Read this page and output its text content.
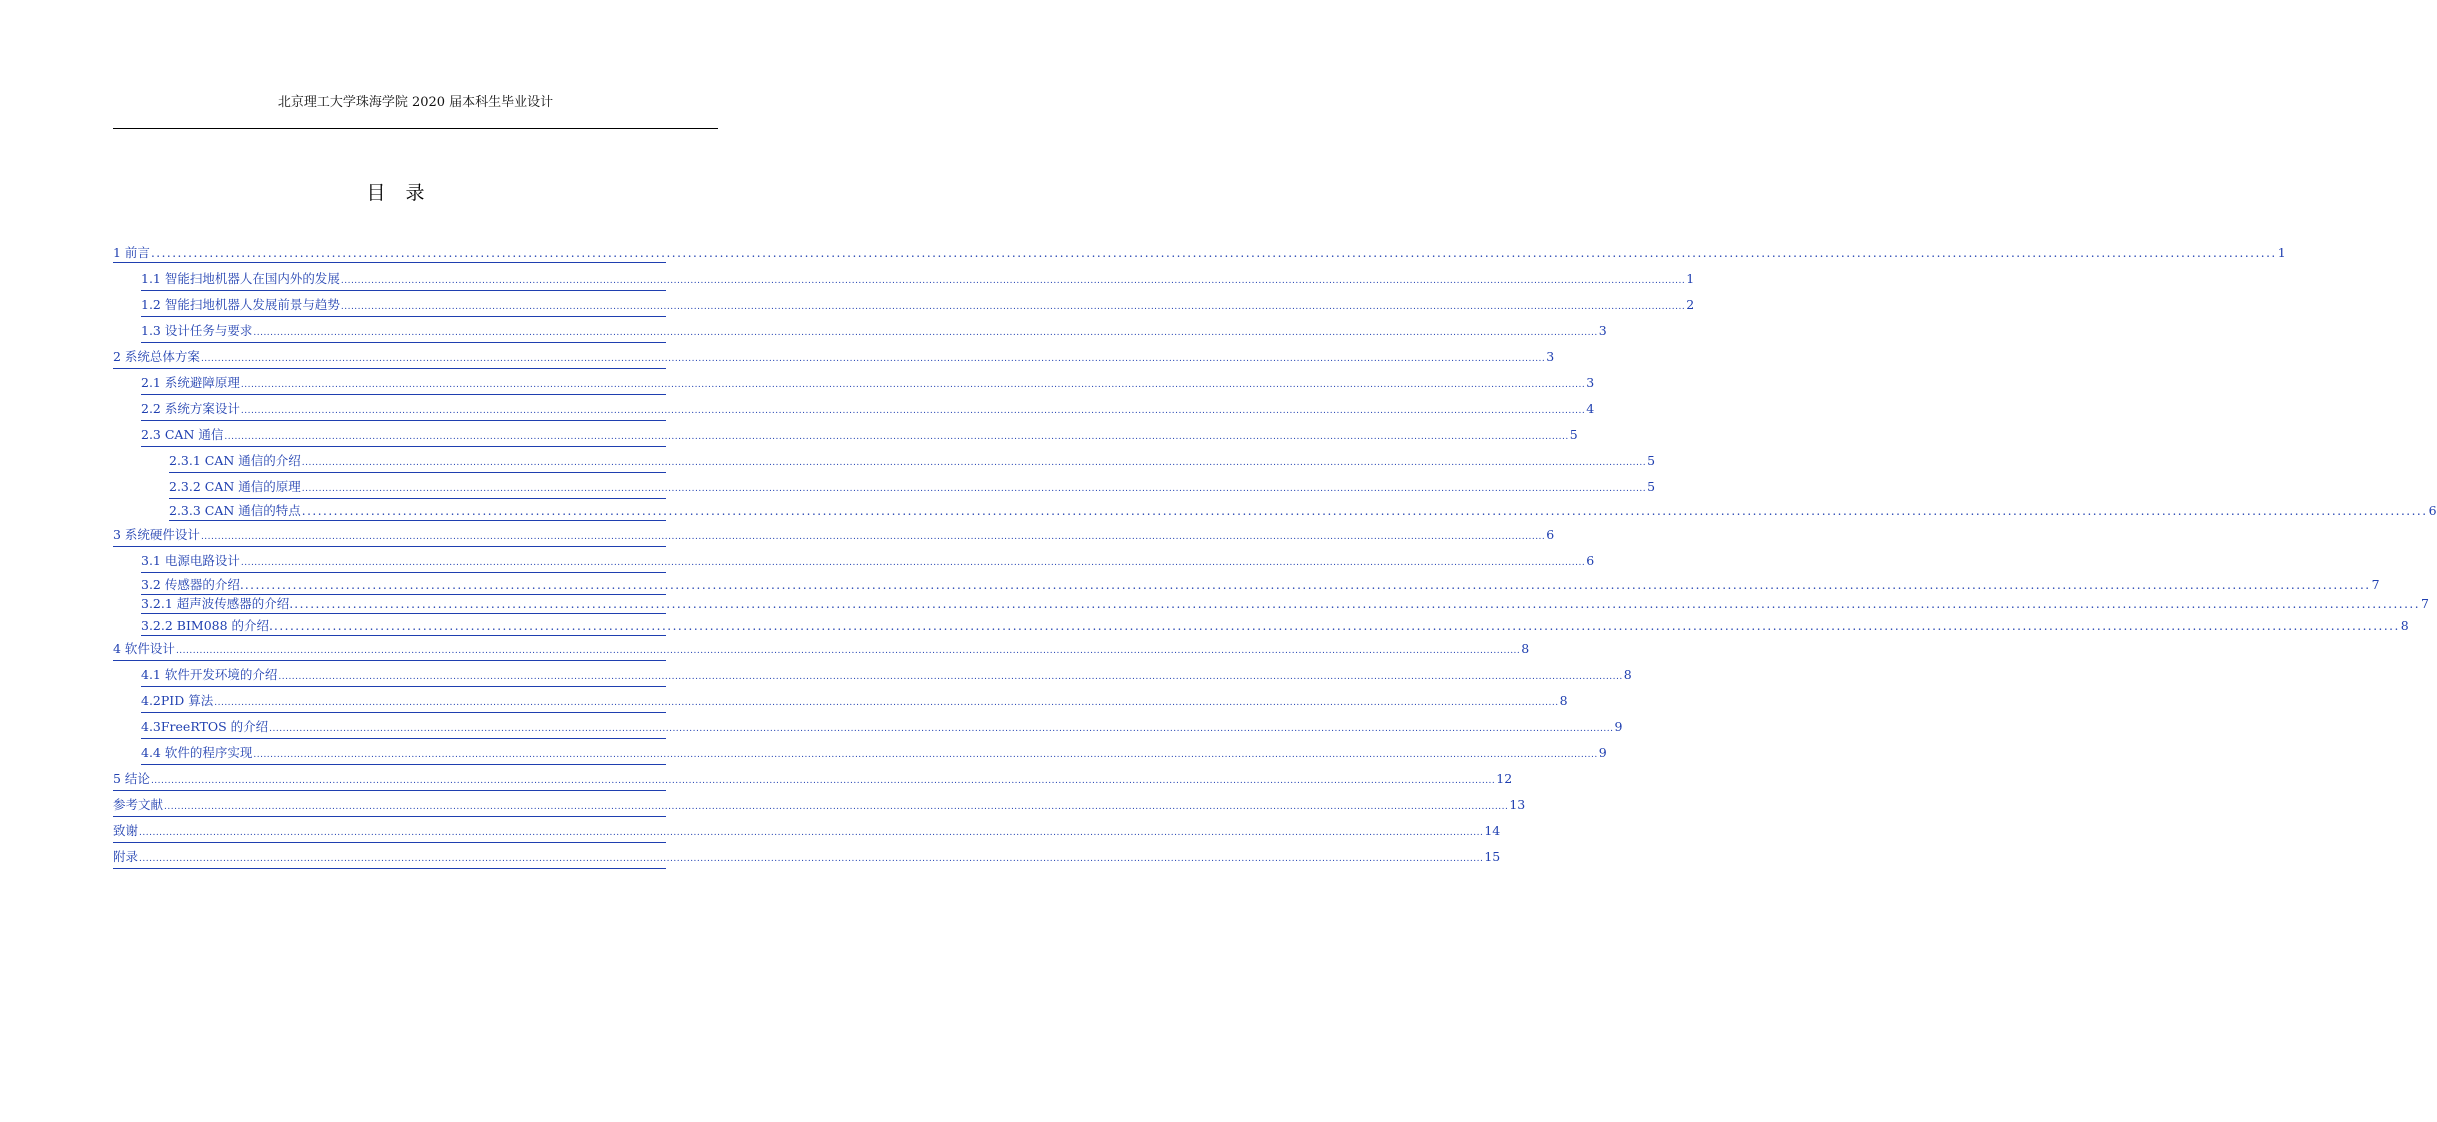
北京理工大学珠海学院 2020 届本科生毕业设计
目 录
1 前言 ................................................................................................................................................................................................................................................................................................................................................................................................................ 1
1.1 智能扫地机器人在国内外的发展 ................................................................................................................................................................................................................................................................................................................................................................................................................ 1
1.2 智能扫地机器人发展前景与趋势 ................................................................................................................................................................................................................................................................................................................................................................................................................ 2
1.3 设计任务与要求 ................................................................................................................................................................................................................................................................................................................................................................................................................ 3
2 系统总体方案 ................................................................................................................................................................................................................................................................................................................................................................................................................ 3
2.1 系统避障原理 ................................................................................................................................................................................................................................................................................................................................................................................................................ 3
2.2 系统方案设计 ................................................................................................................................................................................................................................................................................................................................................................................................................ 4
2.3 CAN 通信 ................................................................................................................................................................................................................................................................................................................................................................................................................ 5
2.3.1 CAN 通信的介绍 ................................................................................................................................................................................................................................................................................................................................................................................................................ 5
2.3.2 CAN 通信的原理 ................................................................................................................................................................................................................................................................................................................................................................................................................ 5
2.3.3 CAN 通信的特点 ................................................................................................................................................................................................................................................................................................................................................................................................................ 6
3 系统硬件设计 ................................................................................................................................................................................................................................................................................................................................................................................................................ 6
3.1 电源电路设计 ................................................................................................................................................................................................................................................................................................................................................................................................................ 6
3.2 传感器的介绍. ................................................................................................................................................................................................................................................................................................................................................................................................................ 7
3.2.1 超声波传感器的介绍. ................................................................................................................................................................................................................................................................................................................................................................................................................ 7
3.2.2 BIM088 的介绍. ................................................................................................................................................................................................................................................................................................................................................................................................................ 8
4 软件设计 ................................................................................................................................................................................................................................................................................................................................................................................................................ 8
4.1 软件开发环境的介绍 ................................................................................................................................................................................................................................................................................................................................................................................................................ 8
4.2PID 算法 ................................................................................................................................................................................................................................................................................................................................................................................................................ 8
4.3FreeRTOS 的介绍 ................................................................................................................................................................................................................................................................................................................................................................................................................ 9
4.4 软件的程序实现 ................................................................................................................................................................................................................................................................................................................................................................................................................ 9
5 结论 ................................................................................................................................................................................................................................................................................................................................................................................................................ 12
参考文献 ................................................................................................................................................................................................................................................................................................................................................................................................................ 13
致谢 ................................................................................................................................................................................................................................................................................................................................................................................................................ 14
附录 ................................................................................................................................................................................................................................................................................................................................................................................................................ 15
